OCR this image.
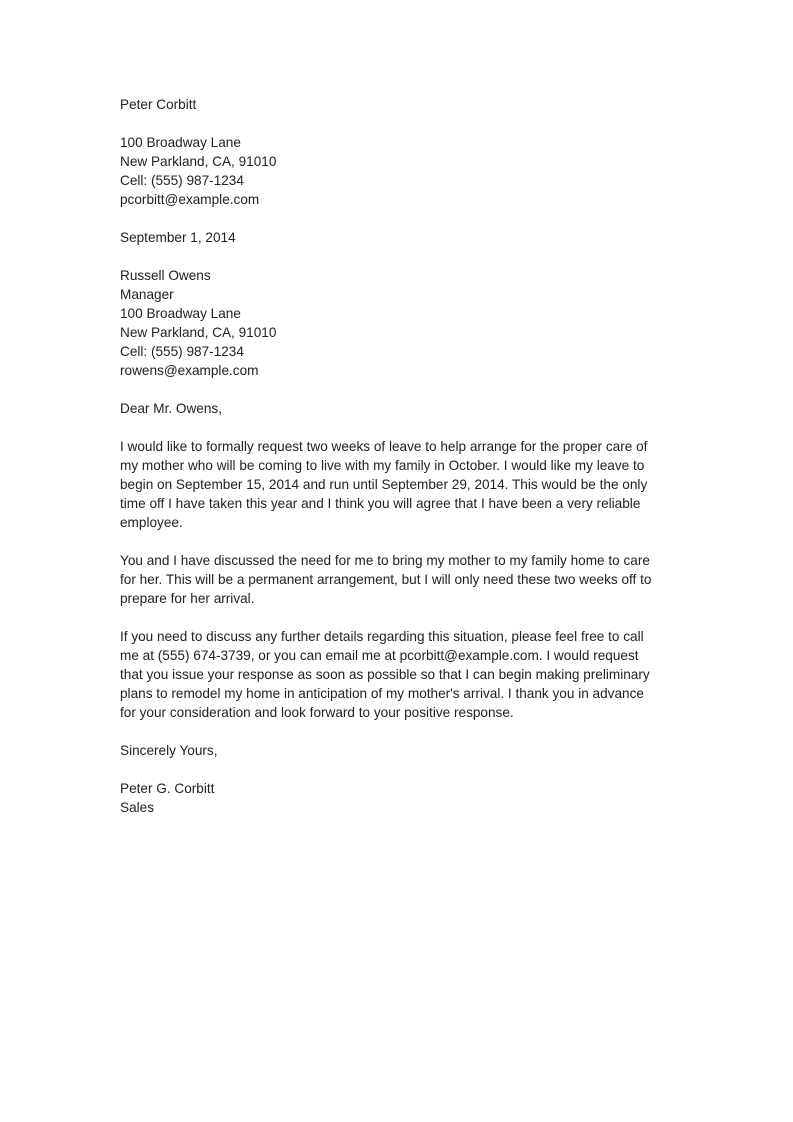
Peter Corbitt
100 Broadway Lane
New Parkland, CA, 91010
Cell: (555) 987-1234
pcorbitt@example.com
September 1, 2014
Russell Owens
Manager
100 Broadway Lane
New Parkland, CA, 91010
Cell: (555) 987-1234
rowens@example.com
Dear Mr. Owens,
I would like to formally request two weeks of leave to help arrange for the proper care of
my mother who will be coming to live with my family in October. I would like my leave to
begin on September 15, 2014 and run until September 29, 2014. This would be the only
time off I have taken this year and I think you will agree that I have been a very reliable
employee.
You and I have discussed the need for me to bring my mother to my family home to care
for her. This will be a permanent arrangement, but I will only need these two weeks off to
prepare for her arrival.
If you need to discuss any further details regarding this situation, please feel free to call
me at (555) 674-3739, or you can email me at pcorbitt@example.com. I would request
that you issue your response as soon as possible so that I can begin making preliminary
plans to remodel my home in anticipation of my mother's arrival. I thank you in advance
for your consideration and look forward to your positive response.
Sincerely Yours,
Peter G. Corbitt
Sales
